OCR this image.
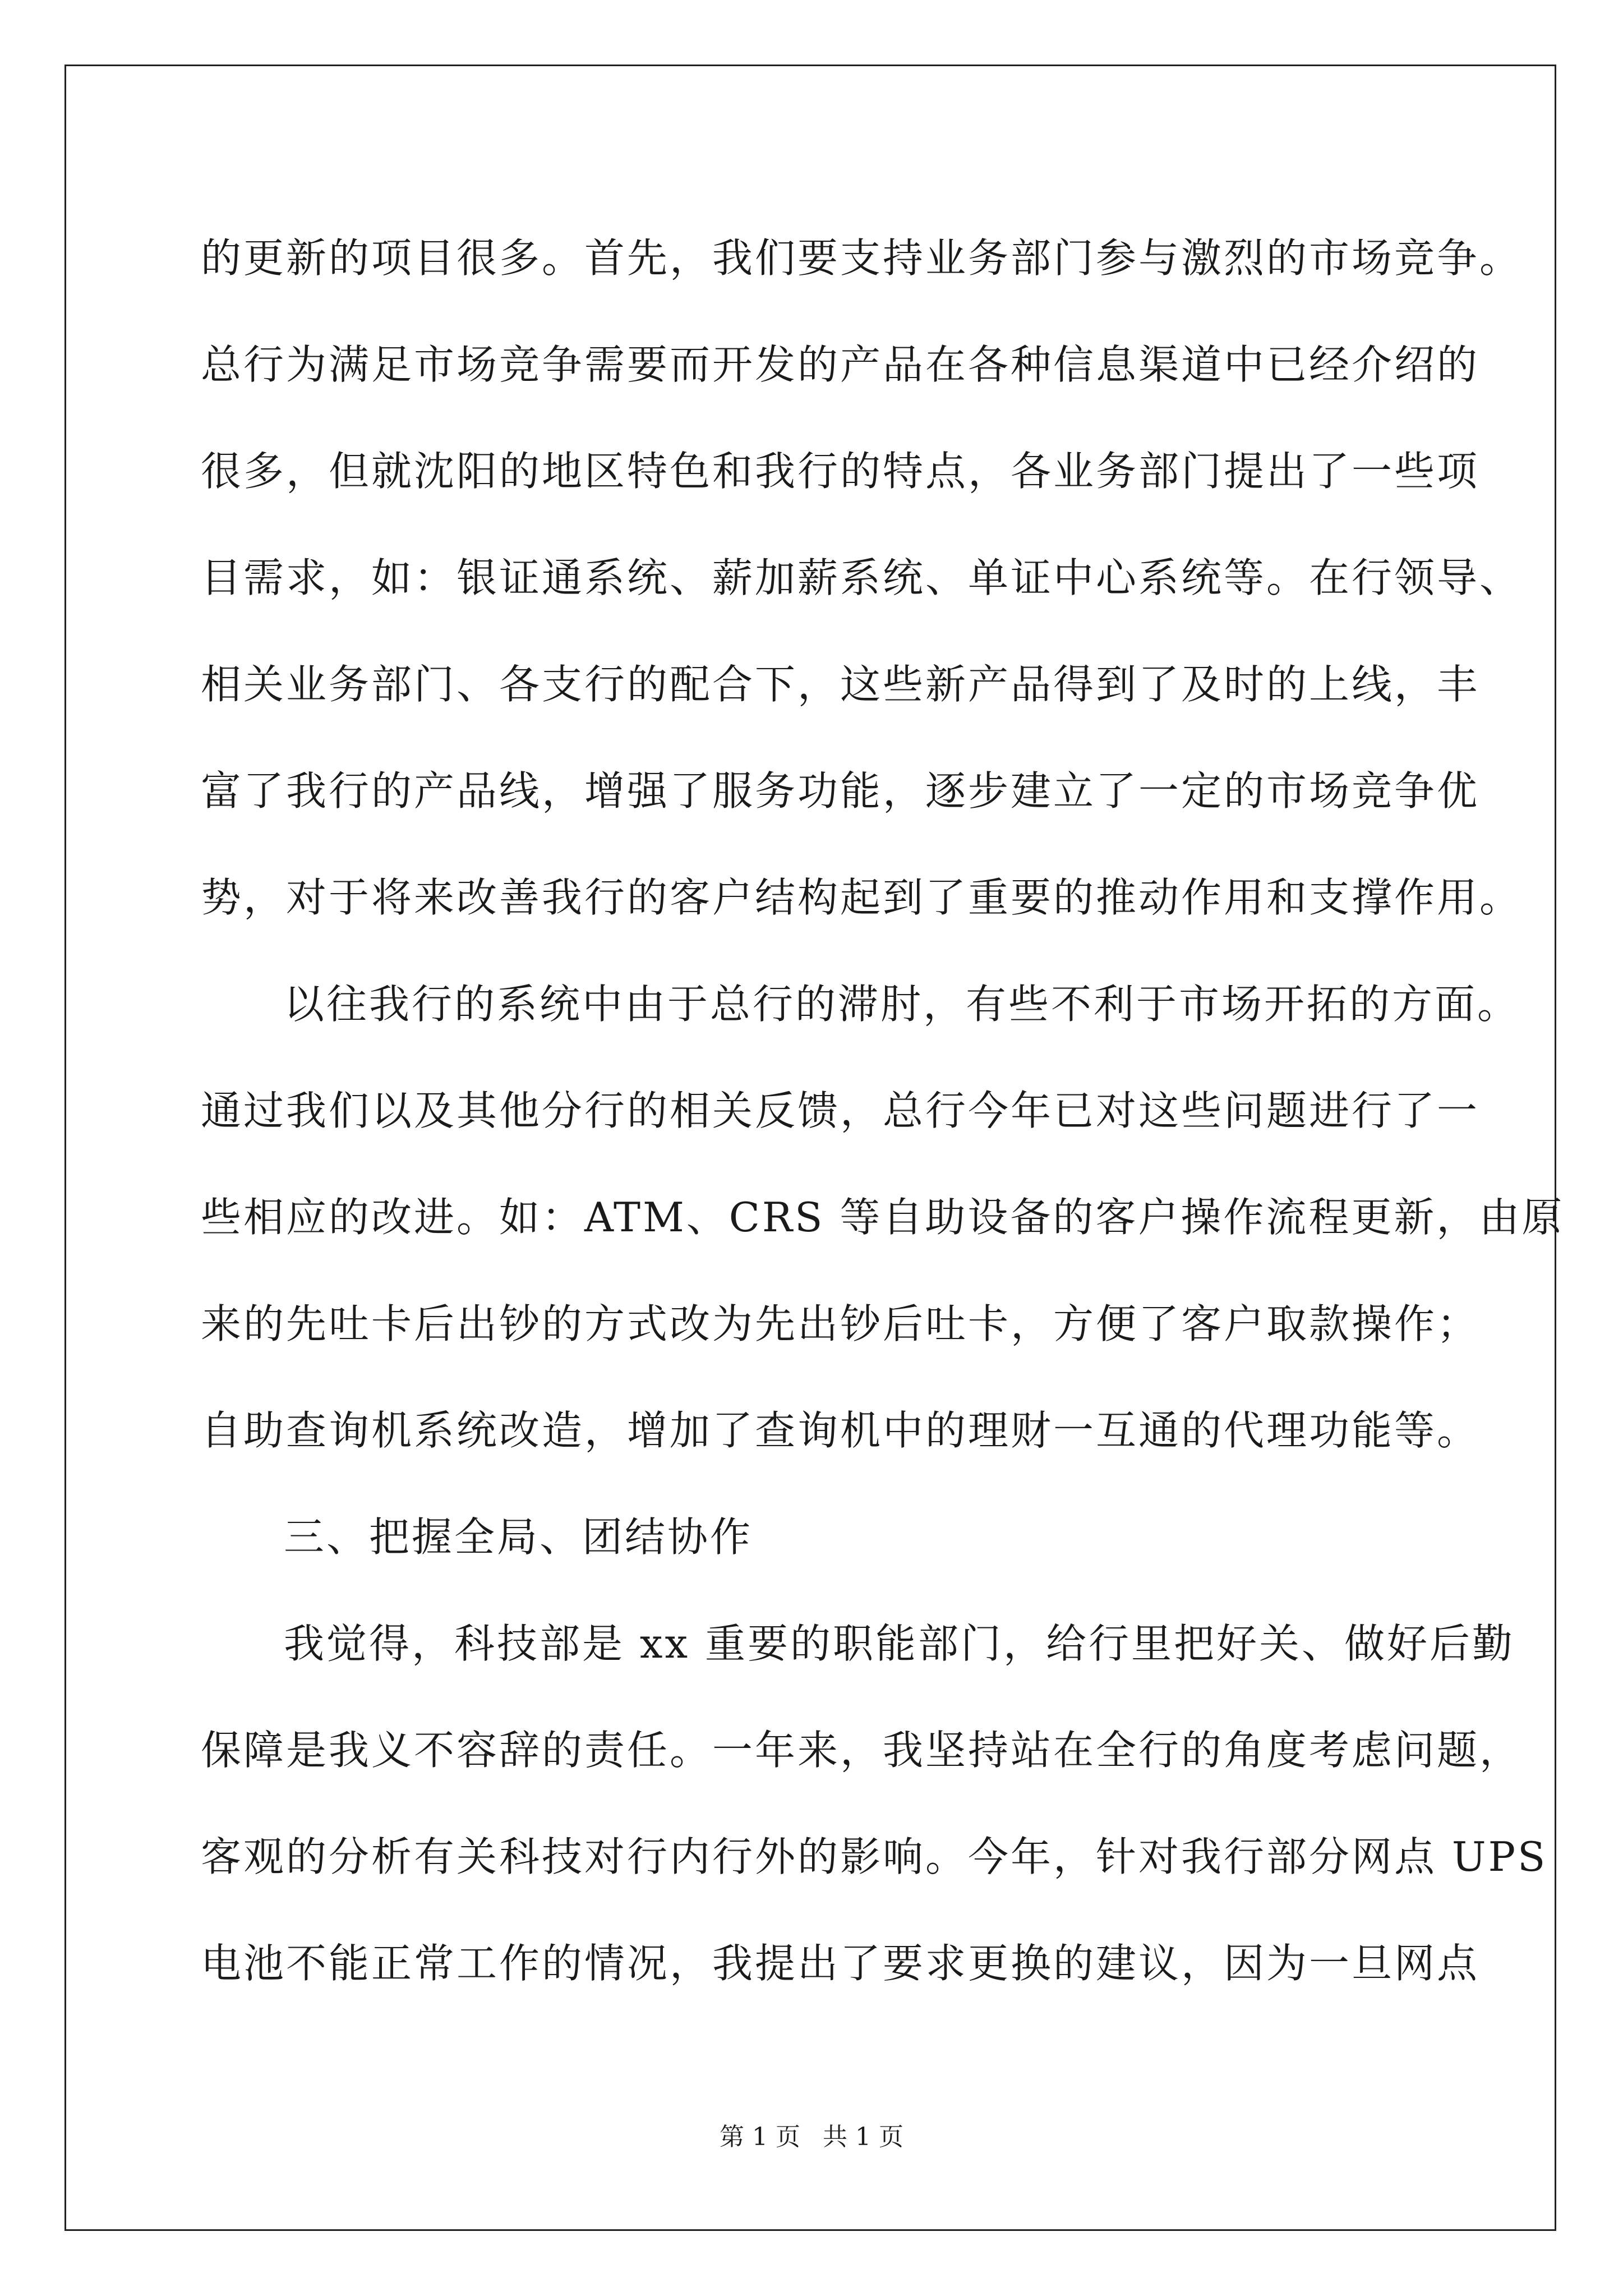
的更新的项目很多。首先，我们要支持业务部门参与激烈的市场竞争。
总行为满足市场竞争需要而开发的产品在各种信息渠道中已经介绍的
很多，但就沈阳的地区特色和我行的特点，各业务部门提出了一些项
目需求，如：银证通系统、薪加薪系统、单证中心系统等。在行领导、
相关业务部门、各支行的配合下，这些新产品得到了及时的上线，丰
富了我行的产品线，增强了服务功能，逐步建立了一定的市场竞争优
势，对于将来改善我行的客户结构起到了重要的推动作用和支撑作用。
以往我行的系统中由于总行的滞肘，有些不利于市场开拓的方面。
通过我们以及其他分行的相关反馈，总行今年已对这些问题进行了一
些相应的改进。如：ATM、CRS 等自助设备的客户操作流程更新，由原
来的先吐卡后出钞的方式改为先出钞后吐卡，方便了客户取款操作；
自助查询机系统改造，增加了查询机中的理财一互通的代理功能等。
三、把握全局、团结协作
我觉得，科技部是 xx 重要的职能部门，给行里把好关、做好后勤
保障是我义不容辞的责任。一年来，我坚持站在全行的角度考虑问题，
客观的分析有关科技对行内行外的影响。今年，针对我行部分网点 UPS
电池不能正常工作的情况，我提出了要求更换的建议，因为一旦网点
第 1 页 共 1 页
